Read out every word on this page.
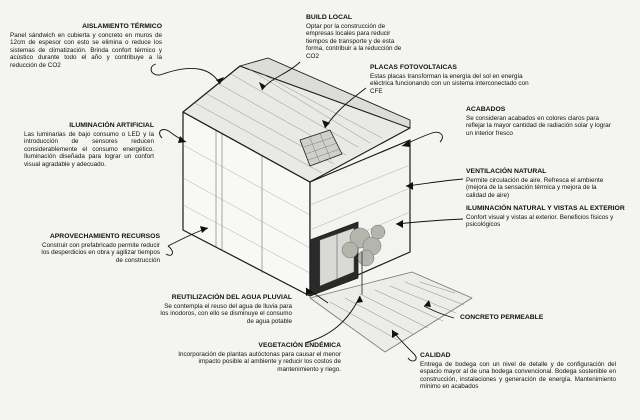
AISLAMIENTO TÉRMICO
Panel sándwich en cubierta y concreto en muros de 12cm de espesor con esto se elimina o reduce los sistemas de climatización. Brinda confort térmico y acústico durante todo el año y contribuye a la reducción de CO2
BUILD LOCAL
Optar por la construcción de empresas locales para reducir tiempos de transporte y de esta forma, contribuir a la reducción de CO2
PLACAS FOTOVOLTAICAS
Estas placas transforman la energía del sol en energía eléctrica funcionando con un sistema interconectado con CFE
ACABADOS
Se consideran acabados en colores claros para reflejar la mayor cantidad de radiación solar y lograr un interior fresco
ILUMINACIÓN ARTIFICIAL
Las luminarias de bajo consumo o LED y la introducción de sensores reducen considerablemente el consumo energético. Iluminación diseñada para lograr un confort visual agradable y adecuado.
VENTILACIÓN NATURAL
Permite circulación de aire. Refresca el ambiente (mejora de la sensación térmica y mejora de la calidad de aire)
ILUMINACIÓN NATURAL Y VISTAS AL EXTERIOR
Confort visual y vistas al exterior. Beneficios físicos y psicológicos
APROVECHAMIENTO RECURSOS
Construir con prefabricado permite reducir los desperdicios en obra y agilizar tiempos de construcción
REUTILIZACIÓN DEL AGUA PLUVIAL
Se contempla el reuso del agua de lluvia para los inodoros, con ello se disminuye el consumo de agua potable
CONCRETO PERMEABLE
VEGETACIÓN ENDÉMICA
Incorporación de plantas autóctonas para causar el menor impacto posible al ambiente y reducir los costos de mantenimiento y riego.
CALIDAD
Entrega de bodega con un nivel de detalle y de configuración del espacio mayor al de una bodega convencional. Bodega sostenible en construcción, instalaciones y generación de energía. Mantenimiento mínimo en acabados
